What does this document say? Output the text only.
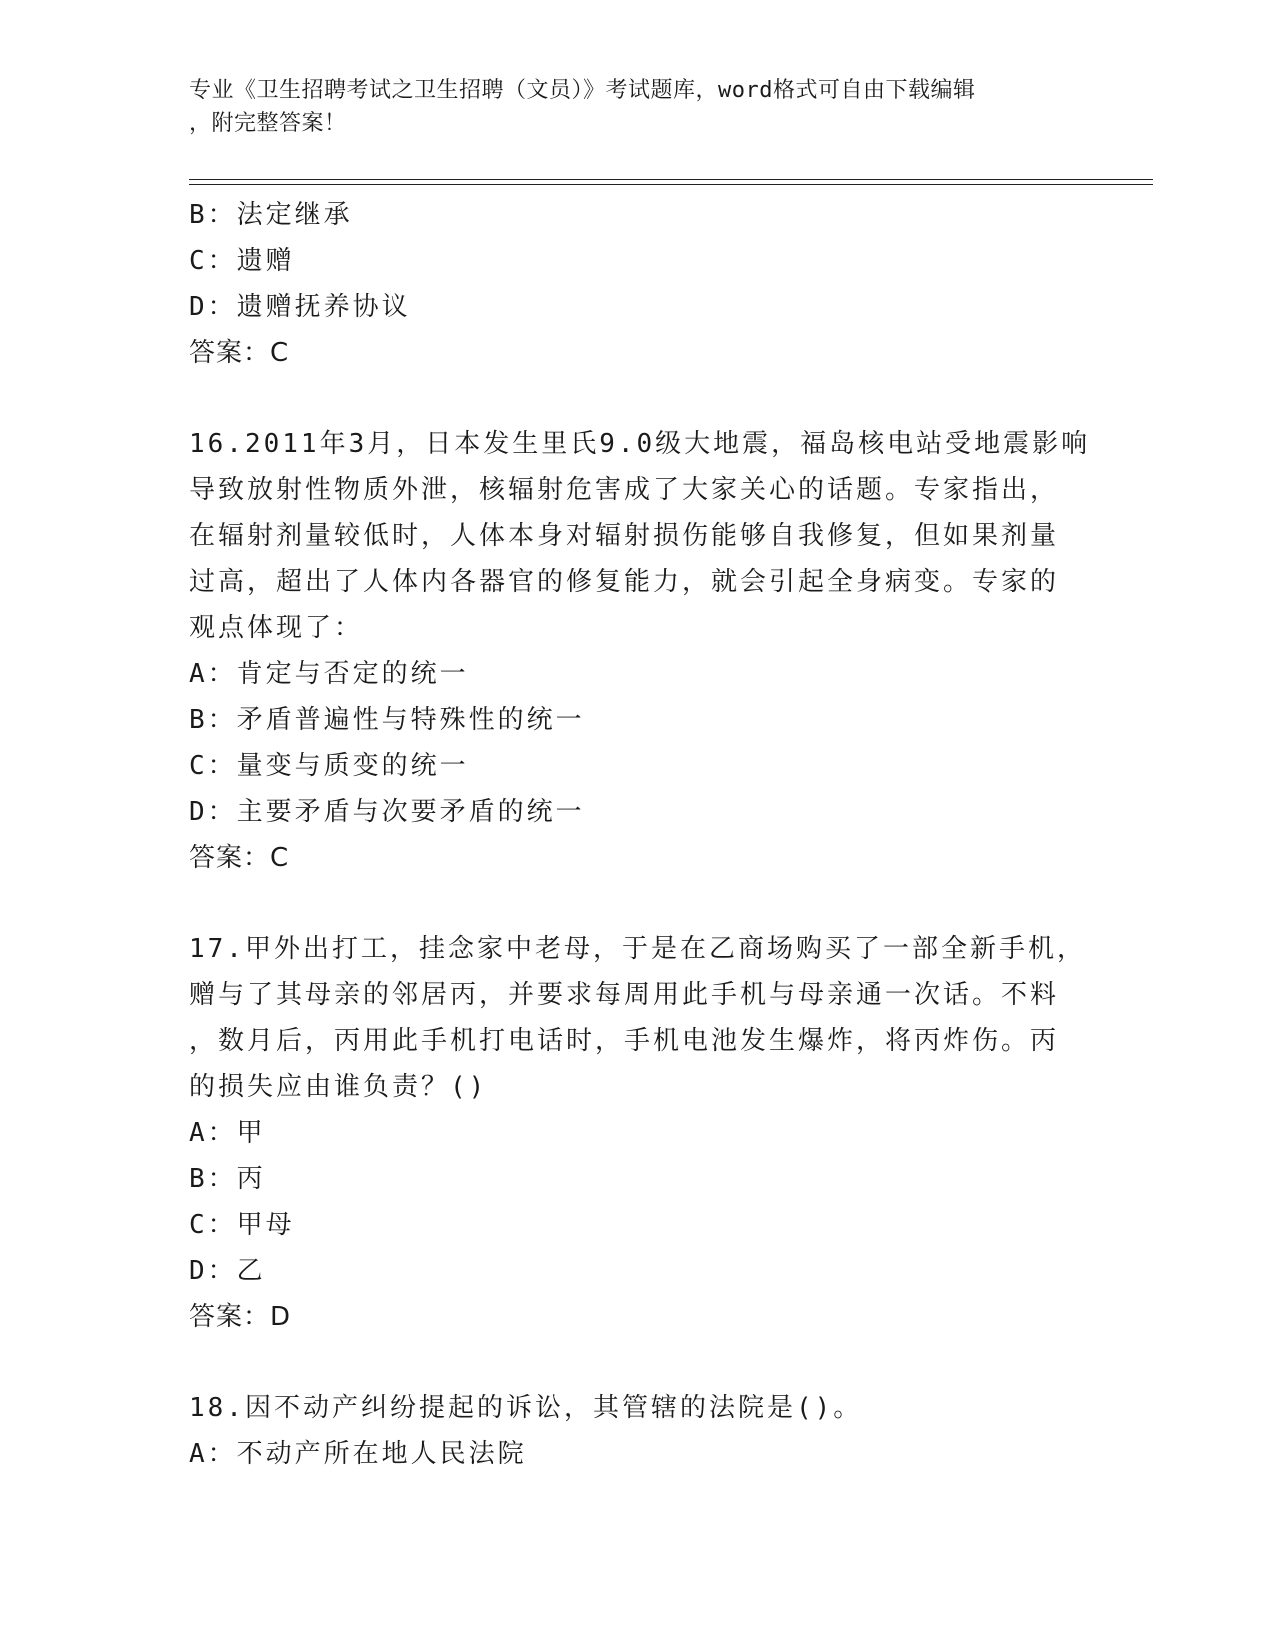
专业《卫生招聘考试之卫生招聘（文员）》考试题库，word格式可自由下载编辑
，附完整答案！
B：法定继承
C：遗赠
D：遗赠抚养协议
答案：C
16.2011年3月，日本发生里氏9.0级大地震，福岛核电站受地震影响
导致放射性物质外泄，核辐射危害成了大家关心的话题。专家指出，
在辐射剂量较低时，人体本身对辐射损伤能够自我修复，但如果剂量
过高，超出了人体内各器官的修复能力，就会引起全身病变。专家的
观点体现了：
A：肯定与否定的统一
B：矛盾普遍性与特殊性的统一
C：量变与质变的统一
D：主要矛盾与次要矛盾的统一
答案：C
17.甲外出打工，挂念家中老母，于是在乙商场购买了一部全新手机，
赠与了其母亲的邻居丙，并要求每周用此手机与母亲通一次话。不料
，数月后，丙用此手机打电话时，手机电池发生爆炸，将丙炸伤。丙
的损失应由谁负责？()
A：甲
B：丙
C：甲母
D：乙
答案：D
18.因不动产纠纷提起的诉讼，其管辖的法院是()。
A：不动产所在地人民法院
